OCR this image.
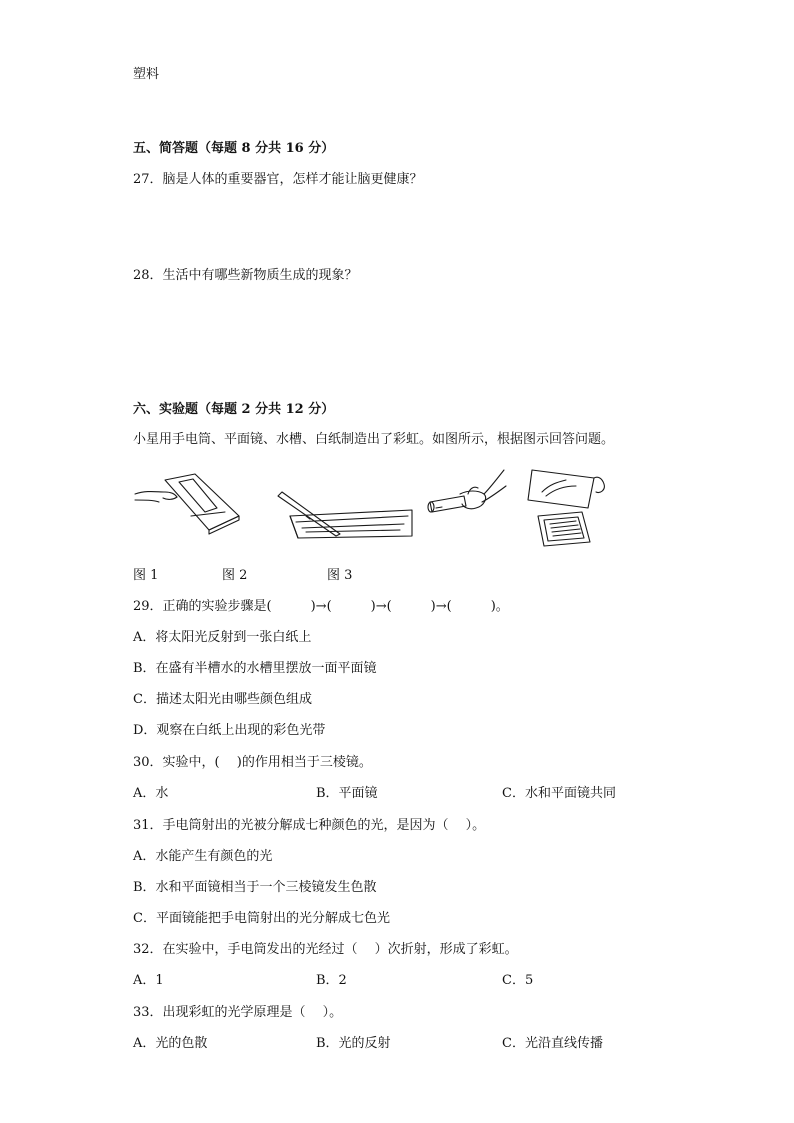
塑料
五、简答题（每题 8 分共 16 分）
27．脑是人体的重要器官，怎样才能让脑更健康？
28．生活中有哪些新物质生成的现象？
六、实验题（每题 2 分共 12 分）
小星用手电筒、平面镜、水槽、白纸制造出了彩虹。如图所示，根据图示回答问题。
图 1	图 2	图 3
29．正确的实验步骤是(　　　)→(　　　)→(　　　)→(　　　)。
A．将太阳光反射到一张白纸上
B．在盛有半槽水的水槽里摆放一面平面镜
C．描述太阳光由哪些颜色组成
D．观察在白纸上出现的彩色光带
30．实验中，(　 )的作用相当于三棱镜。
A．水	B．平面镜	C．水和平面镜共同
31．手电筒射出的光被分解成七种颜色的光，是因为（　 ）。
A．水能产生有颜色的光
B．水和平面镜相当于一个三棱镜发生色散
C．平面镜能把手电筒射出的光分解成七色光
32．在实验中，手电筒发出的光经过（　 ）次折射，形成了彩虹。
A．1	B．2	C．5
33．出现彩虹的光学原理是（　 ）。
A．光的色散	B．光的反射	C．光沿直线传播
